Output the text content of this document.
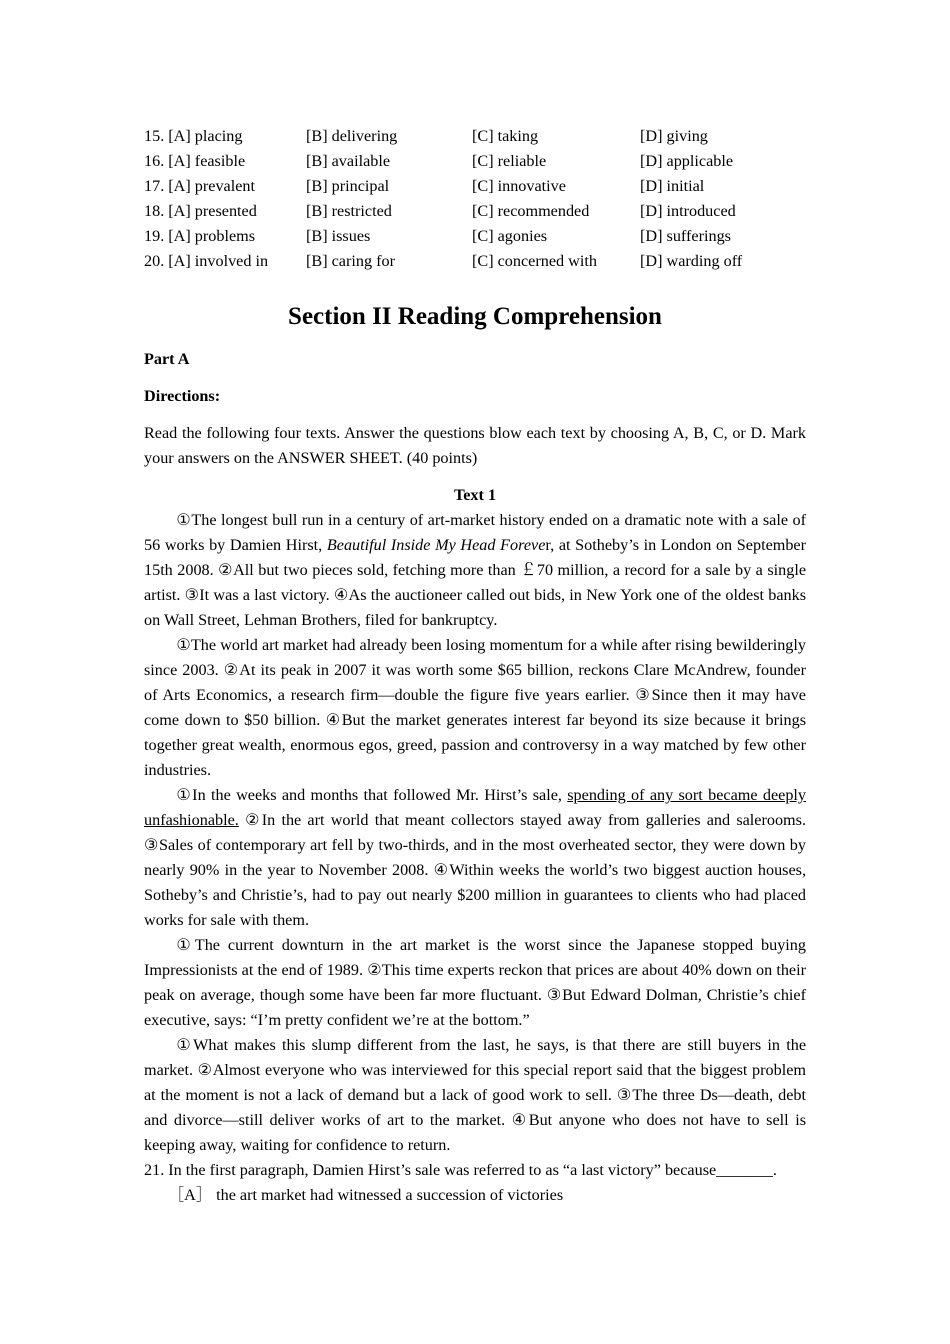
15. [A] placing	[B] delivering	[C] taking	[D] giving
16. [A] feasible	[B] available	[C] reliable	[D] applicable
17. [A] prevalent	[B] principal	[C] innovative	[D] initial
18. [A] presented	[B] restricted	[C] recommended	[D] introduced
19. [A] problems	[B] issues	[C] agonies	[D] sufferings
20. [A] involved in	[B] caring for	[C] concerned with	[D] warding off
Section II Reading Comprehension
Part A
Directions:
Read the following four texts. Answer the questions blow each text by choosing A, B, C, or D. Mark your answers on the ANSWER SHEET. (40 points)
Text 1

①The longest bull run in a century of art-market history ended on a dramatic note with a sale of 56 works by Damien Hirst, Beautiful Inside My Head Forever, at Sotheby’s in London on September 15th 2008. ②All but two pieces sold, fetching more than ￡70 million, a record for a sale by a single artist. ③It was a last victory. ④As the auctioneer called out bids, in New York one of the oldest banks on Wall Street, Lehman Brothers, filed for bankruptcy.

①The world art market had already been losing momentum for a while after rising bewilderingly since 2003. ②At its peak in 2007 it was worth some $65 billion, reckons Clare McAndrew, founder of Arts Economics, a research firm—double the figure five years earlier. ③Since then it may have come down to $50 billion. ④But the market generates interest far beyond its size because it brings together great wealth, enormous egos, greed, passion and controversy in a way matched by few other industries.

①In the weeks and months that followed Mr. Hirst’s sale, spending of any sort became deeply unfashionable. ②In the art world that meant collectors stayed away from galleries and salerooms. ③Sales of contemporary art fell by two-thirds, and in the most overheated sector, they were down by nearly 90% in the year to November 2008. ④Within weeks the world’s two biggest auction houses, Sotheby’s and Christie’s, had to pay out nearly $200 million in guarantees to clients who had placed works for sale with them.

①The current downturn in the art market is the worst since the Japanese stopped buying Impressionists at the end of 1989. ②This time experts reckon that prices are about 40% down on their peak on average, though some have been far more fluctuant. ③But Edward Dolman, Christie’s chief executive, says: “I’m pretty confident we’re at the bottom.”

①What makes this slump different from the last, he says, is that there are still buyers in the market. ②Almost everyone who was interviewed for this special report said that the biggest problem at the moment is not a lack of demand but a lack of good work to sell. ③The three Ds—death, debt and divorce—still deliver works of art to the market. ④But anyone who does not have to sell is keeping away, waiting for confidence to return.

21. In the first paragraph, Damien Hirst’s sale was referred to as “a last victory” because_______.
［A］ the art market had witnessed a succession of victories
